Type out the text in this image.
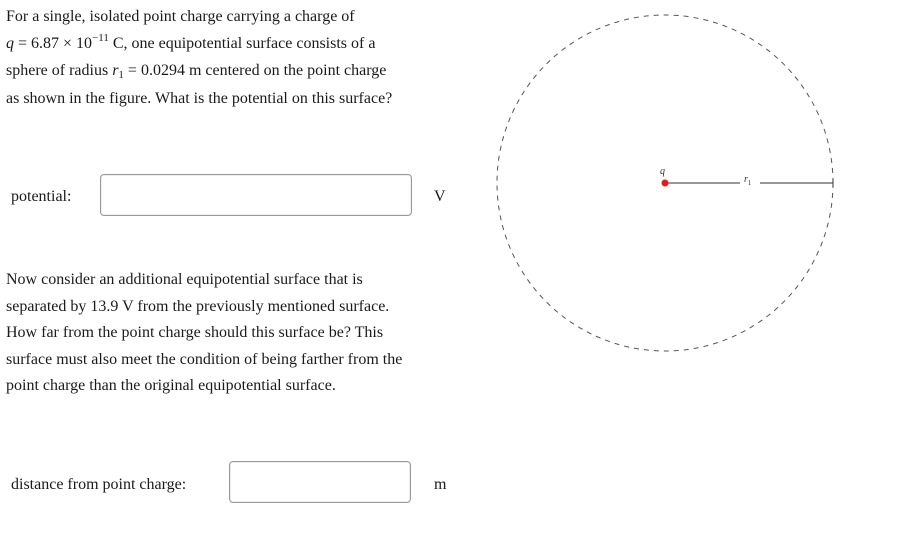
For a single, isolated point charge carrying a charge of
$q = 6.87 \times 10^{-11}$ C, one equipotential surface consists of a
sphere of radius r1 = 0.0294 m centered on the point charge
as shown in the figure. What is the potential on this surface?
potential:	V
Now consider an additional equipotential surface that is
separated by 13.9 V from the previously mentioned surface.
How far from the point charge should this surface be? This
surface must also meet the condition of being farther from the
point charge than the original equipotential surface.
distance from point charge:	m
q
r1
